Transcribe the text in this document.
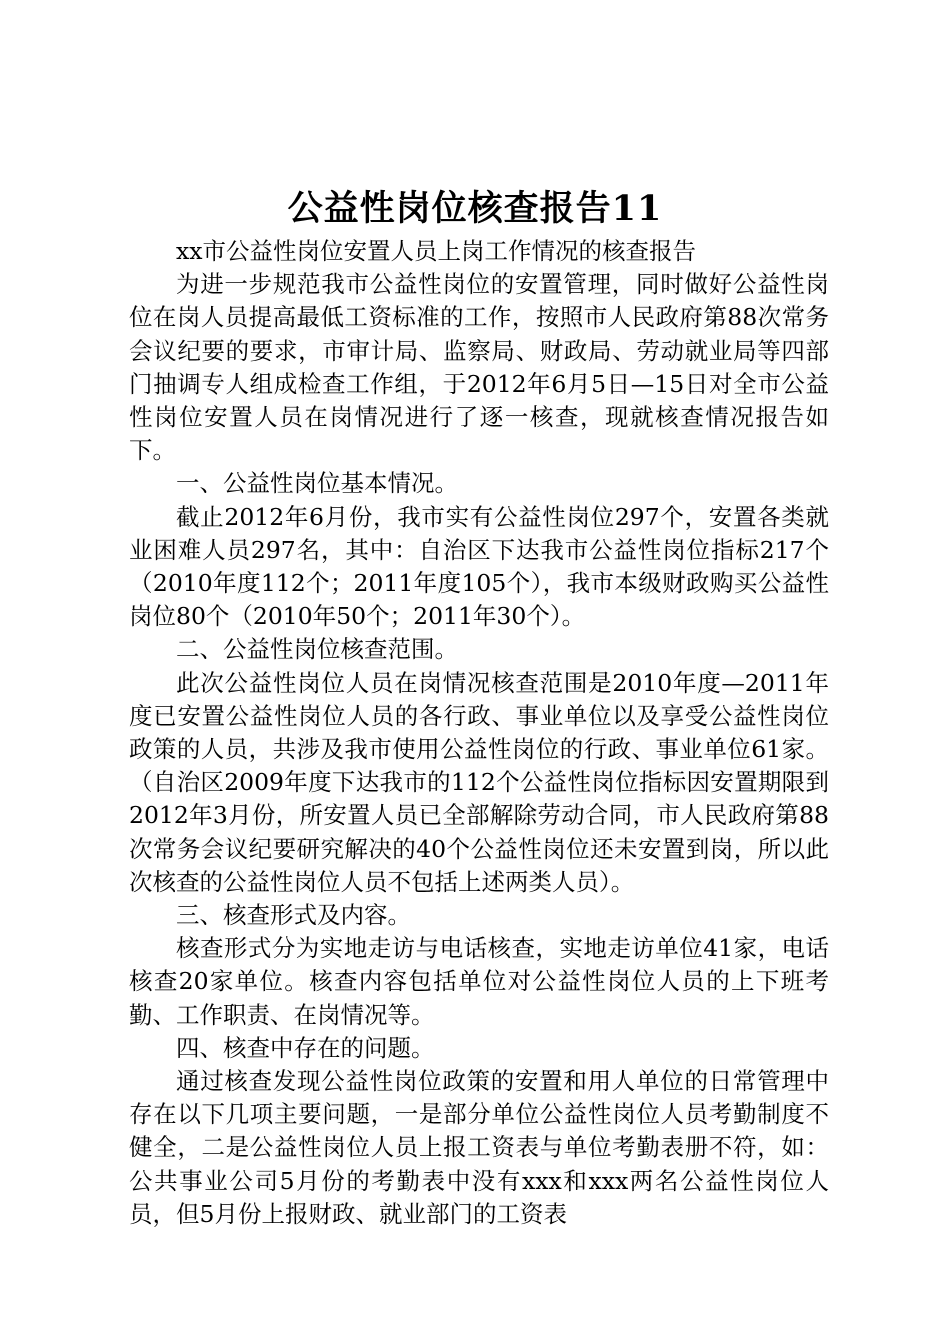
公益性岗位核查报告11

xx市公益性岗位安置人员上岗工作情况的核查报告

为进一步规范我市公益性岗位的安置管理，同时做好公益性岗位在岗人员提高最低工资标准的工作，按照市人民政府第88次常务会议纪要的要求，市审计局、监察局、财政局、劳动就业局等四部门抽调专人组成检查工作组，于2012年6月5日—15日对全市公益性岗位安置人员在岗情况进行了逐一核查，现就核查情况报告如下。

一、公益性岗位基本情况。

截止2012年6月份，我市实有公益性岗位297个，安置各类就业困难人员297名，其中：自治区下达我市公益性岗位指标217个（2010年度112个；2011年度105个），我市本级财政购买公益性岗位80个（2010年50个；2011年30个）。

二、公益性岗位核查范围。

此次公益性岗位人员在岗情况核查范围是2010年度—2011年度已安置公益性岗位人员的各行政、事业单位以及享受公益性岗位政策的人员，共涉及我市使用公益性岗位的行政、事业单位61家。（自治区2009年度下达我市的112个公益性岗位指标因安置期限到2012年3月份，所安置人员已全部解除劳动合同，市人民政府第88次常务会议纪要研究解决的40个公益性岗位还未安置到岗，所以此次核查的公益性岗位人员不包括上述两类人员）。

三、核查形式及内容。

核查形式分为实地走访与电话核查，实地走访单位41家，电话核查20家单位。核查内容包括单位对公益性岗位人员的上下班考勤、工作职责、在岗情况等。

四、核查中存在的问题。

通过核查发现公益性岗位政策的安置和用人单位的日常管理中存在以下几项主要问题，一是部分单位公益性岗位人员考勤制度不健全，二是公益性岗位人员上报工资表与单位考勤表册不符，如：公共事业公司5月份的考勤表中没有xxx和xxx两名公益性岗位人员，但5月份上报财政、就业部门的工资表
